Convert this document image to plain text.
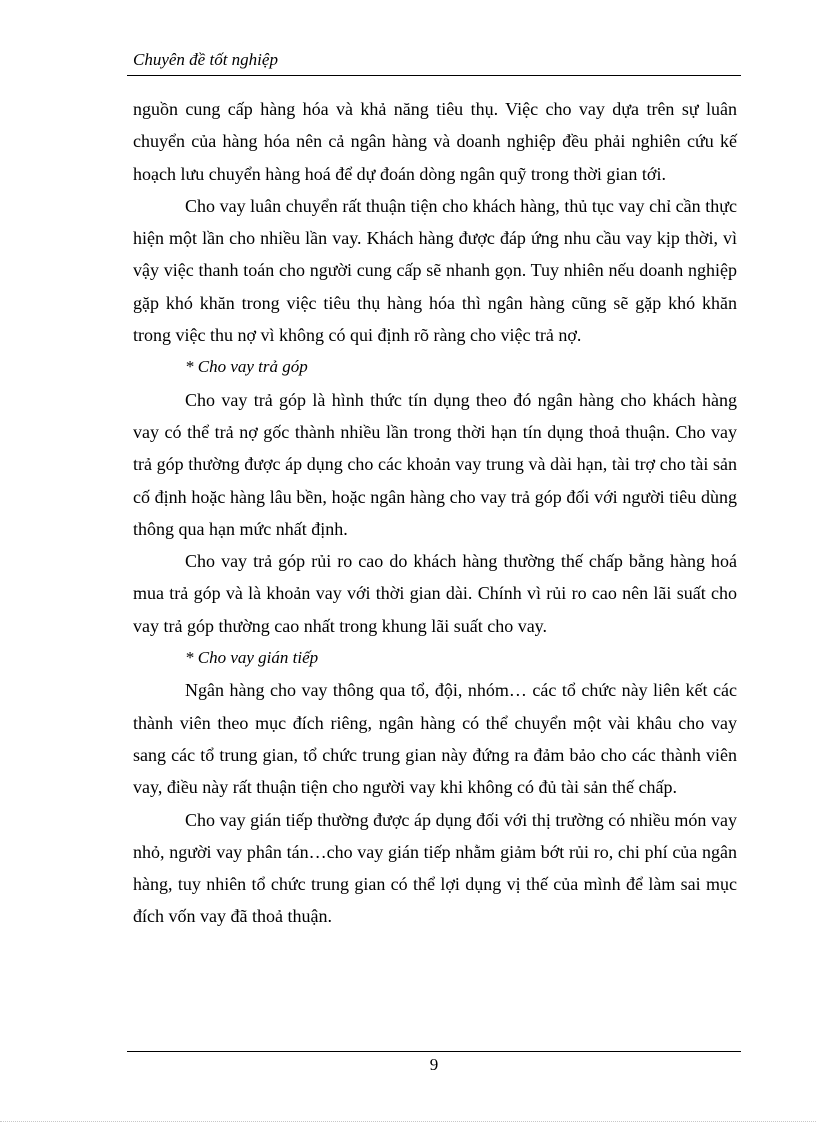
Chuyên đề tốt nghiệp

nguồn cung cấp hàng hóa và khả năng tiêu thụ. Việc cho vay dựa trên sự luân chuyển của hàng hóa nên cả ngân hàng và doanh nghiệp đều phải nghiên cứu kế hoạch lưu chuyển hàng hoá để dự đoán dòng ngân quỹ trong thời gian tới.

Cho vay luân chuyển rất thuận tiện cho khách hàng, thủ tục vay chỉ cần thực hiện một lần cho nhiều lần vay. Khách hàng được đáp ứng nhu cầu vay kịp thời, vì vậy việc thanh toán cho người cung cấp sẽ nhanh gọn. Tuy nhiên nếu doanh nghiệp gặp khó khăn trong việc tiêu thụ hàng hóa thì ngân hàng cũng sẽ gặp khó khăn trong việc thu nợ vì không có qui định rõ ràng cho việc trả nợ.

* Cho vay trả góp

Cho vay trả góp là hình thức tín dụng theo đó ngân hàng cho khách hàng vay có thể trả nợ gốc thành nhiều lần trong thời hạn tín dụng thoả thuận. Cho vay trả góp thường được áp dụng cho các khoản vay trung và dài hạn, tài trợ cho tài sản cố định hoặc hàng lâu bền, hoặc ngân hàng cho vay trả góp đối với người tiêu dùng thông qua hạn mức nhất định.

Cho vay trả góp rủi ro cao do khách hàng thường thế chấp bằng hàng hoá mua trả góp và là khoản vay với thời gian dài. Chính vì rủi ro cao nên lãi suất cho vay trả góp thường cao nhất trong khung lãi suất cho vay.

* Cho vay gián tiếp

Ngân hàng cho vay thông qua tổ, đội, nhóm… các tổ chức này liên kết các thành viên theo mục đích riêng, ngân hàng có thể chuyển một vài khâu cho vay sang các tổ trung gian, tổ chức trung gian này đứng ra đảm bảo cho các thành viên vay, điều này rất thuận tiện cho người vay khi không có đủ tài sản thế chấp.

Cho vay gián tiếp thường được áp dụng đối với thị trường có nhiều món vay nhỏ, người vay phân tán…cho vay gián tiếp nhằm giảm bớt rủi ro, chi phí của ngân hàng, tuy nhiên tổ chức trung gian có thể lợi dụng vị thế của mình để làm sai mục đích vốn vay đã thoả thuận.

9
